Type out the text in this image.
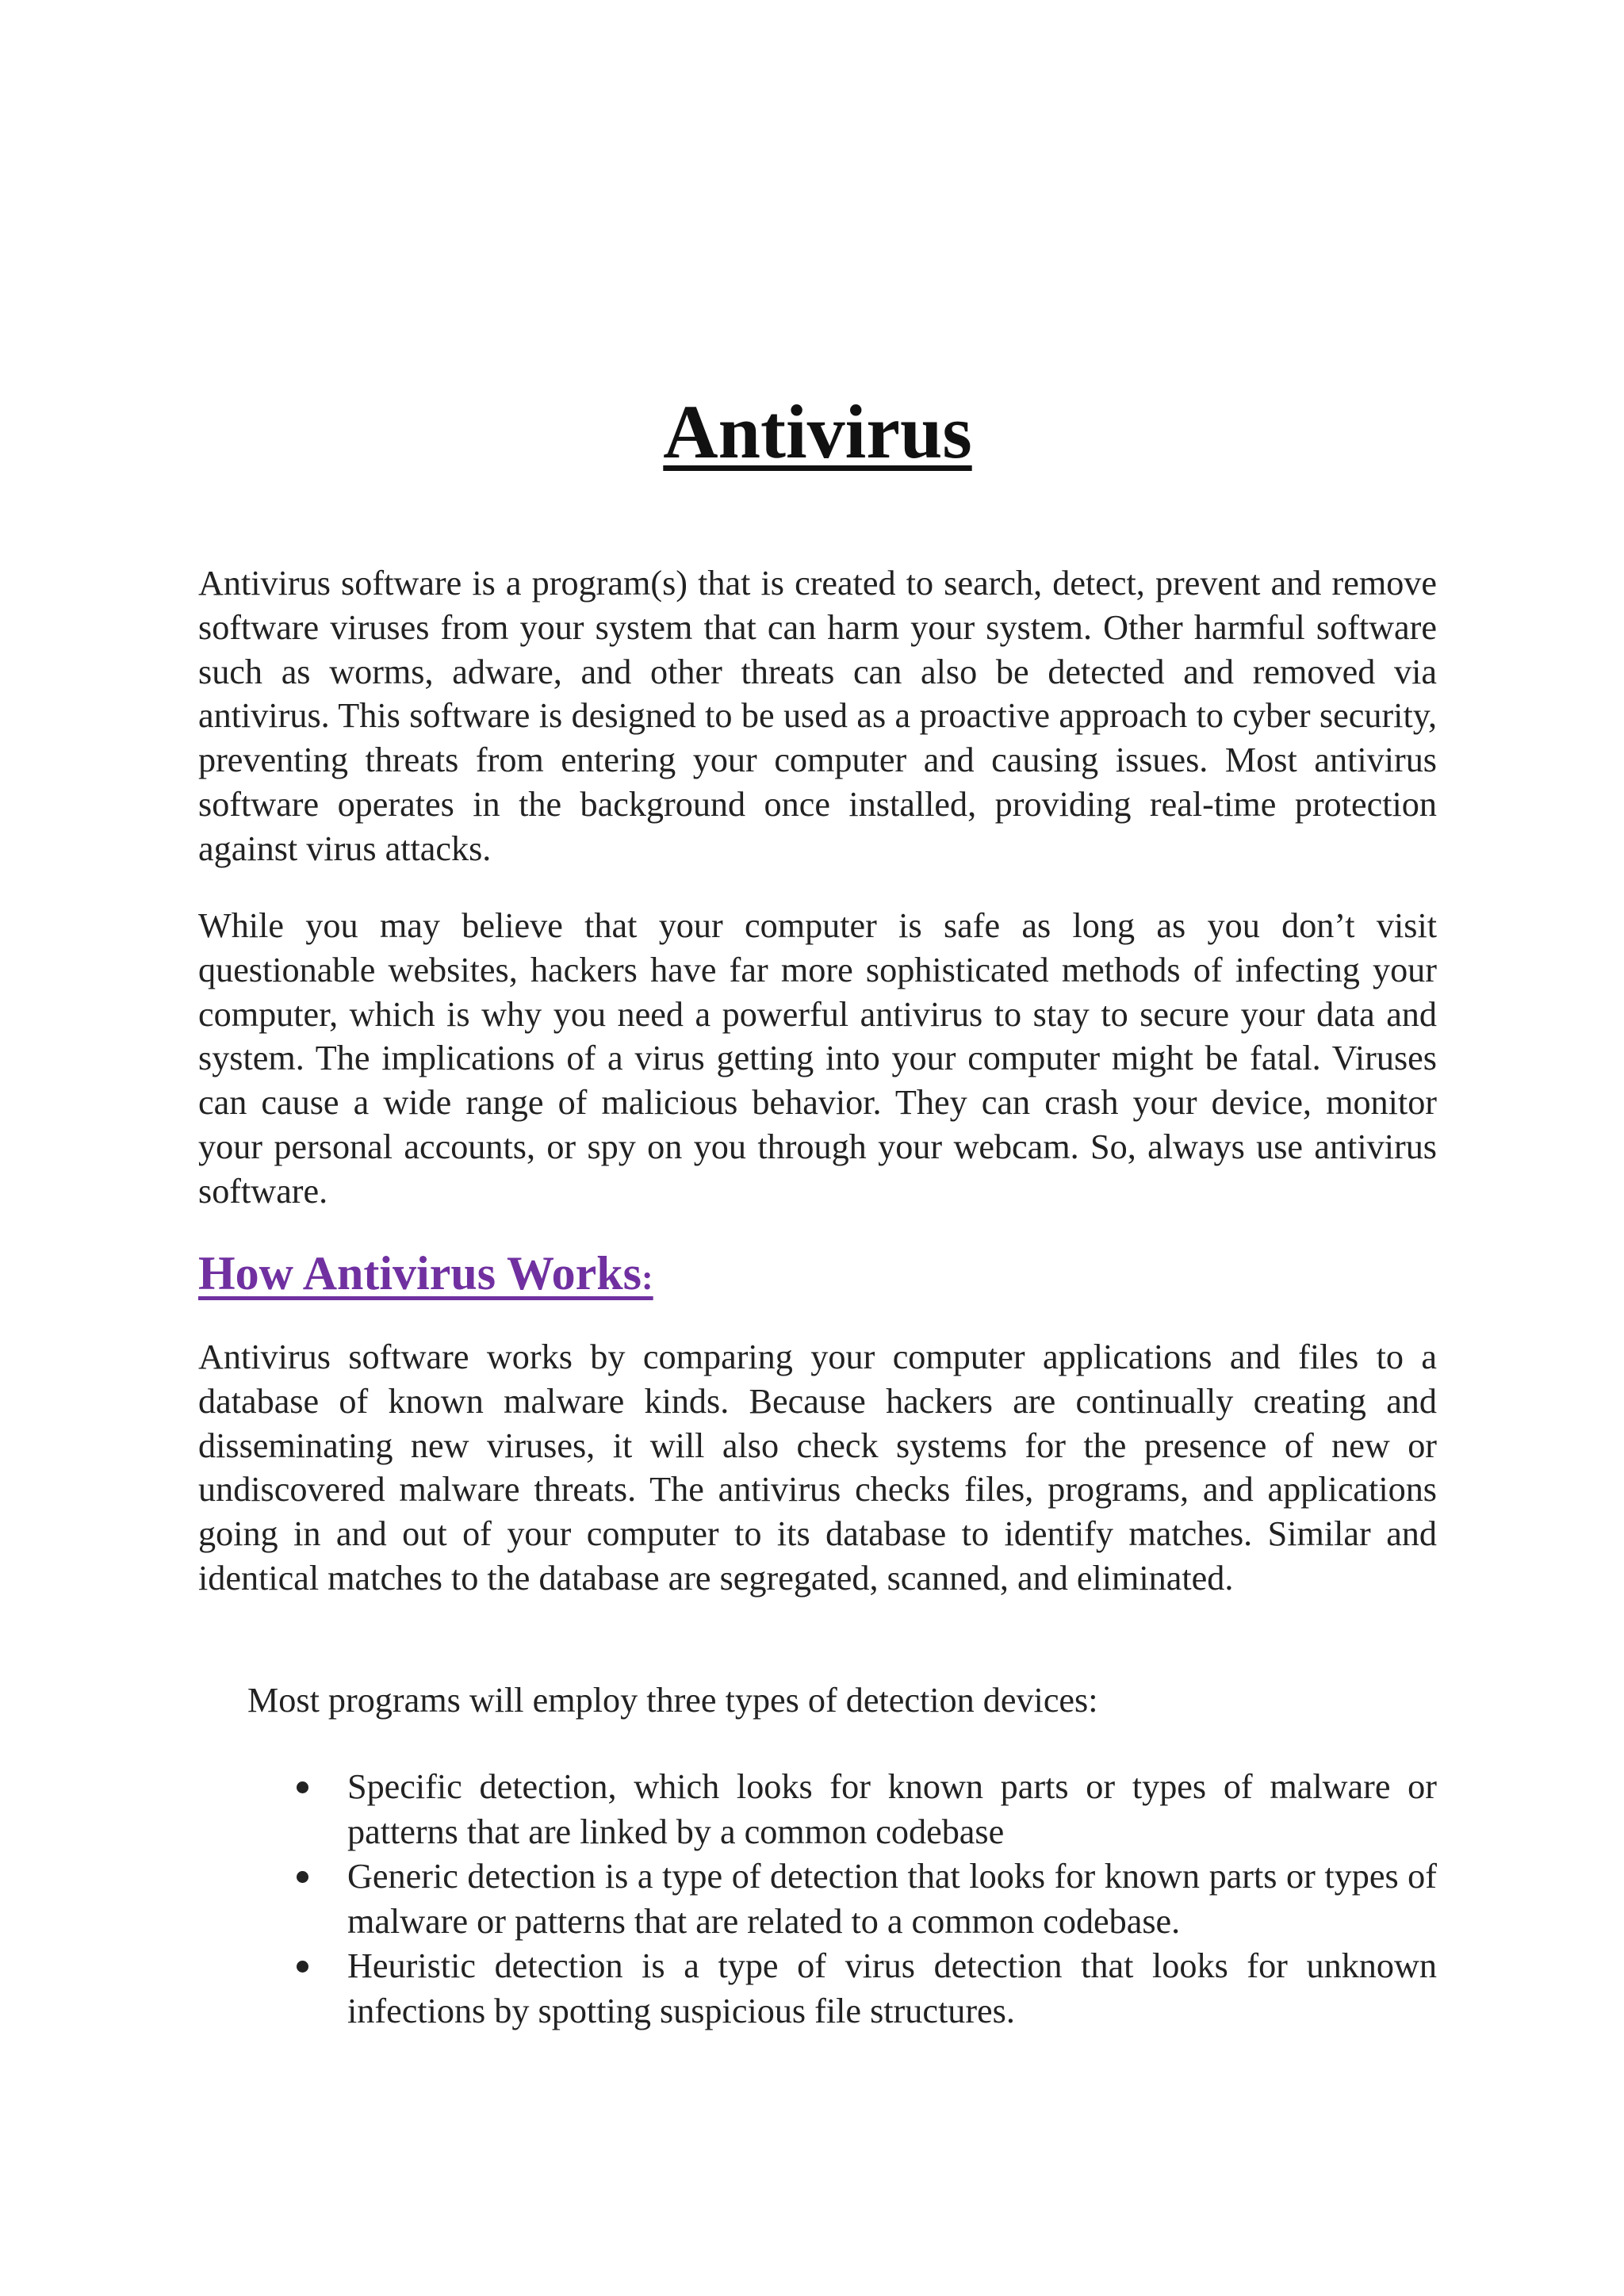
Antivirus

Antivirus software is a program(s) that is created to search, detect, prevent and remove software viruses from your system that can harm your system. Other harmful software such as worms, adware, and other threats can also be detected and removed via antivirus. This software is designed to be used as a proactive approach to cyber security, preventing threats from entering your computer and causing issues. Most antivirus software operates in the background once installed, providing real-time protection against virus attacks.

While you may believe that your computer is safe as long as you don’t visit questionable websites, hackers have far more sophisticated methods of infecting your computer, which is why you need a powerful antivirus to stay to secure your data and system. The implications of a virus getting into your computer might be fatal. Viruses can cause a wide range of malicious behavior. They can crash your device, monitor your personal accounts, or spy on you through your webcam. So, always use antivirus software.

How Antivirus Works:

Antivirus software works by comparing your computer applications and files to a database of known malware kinds. Because hackers are continually creating and disseminating new viruses, it will also check systems for the presence of new or undiscovered malware threats. The antivirus checks files, programs, and applications going in and out of your computer to its database to identify matches. Similar and identical matches to the database are segregated, scanned, and eliminated.

Most programs will employ three types of detection devices:

Specific detection, which looks for known parts or types of malware or patterns that are linked by a common codebase
Generic detection is a type of detection that looks for known parts or types of malware or patterns that are related to a common codebase.
Heuristic detection is a type of virus detection that looks for unknown infections by spotting suspicious file structures.
